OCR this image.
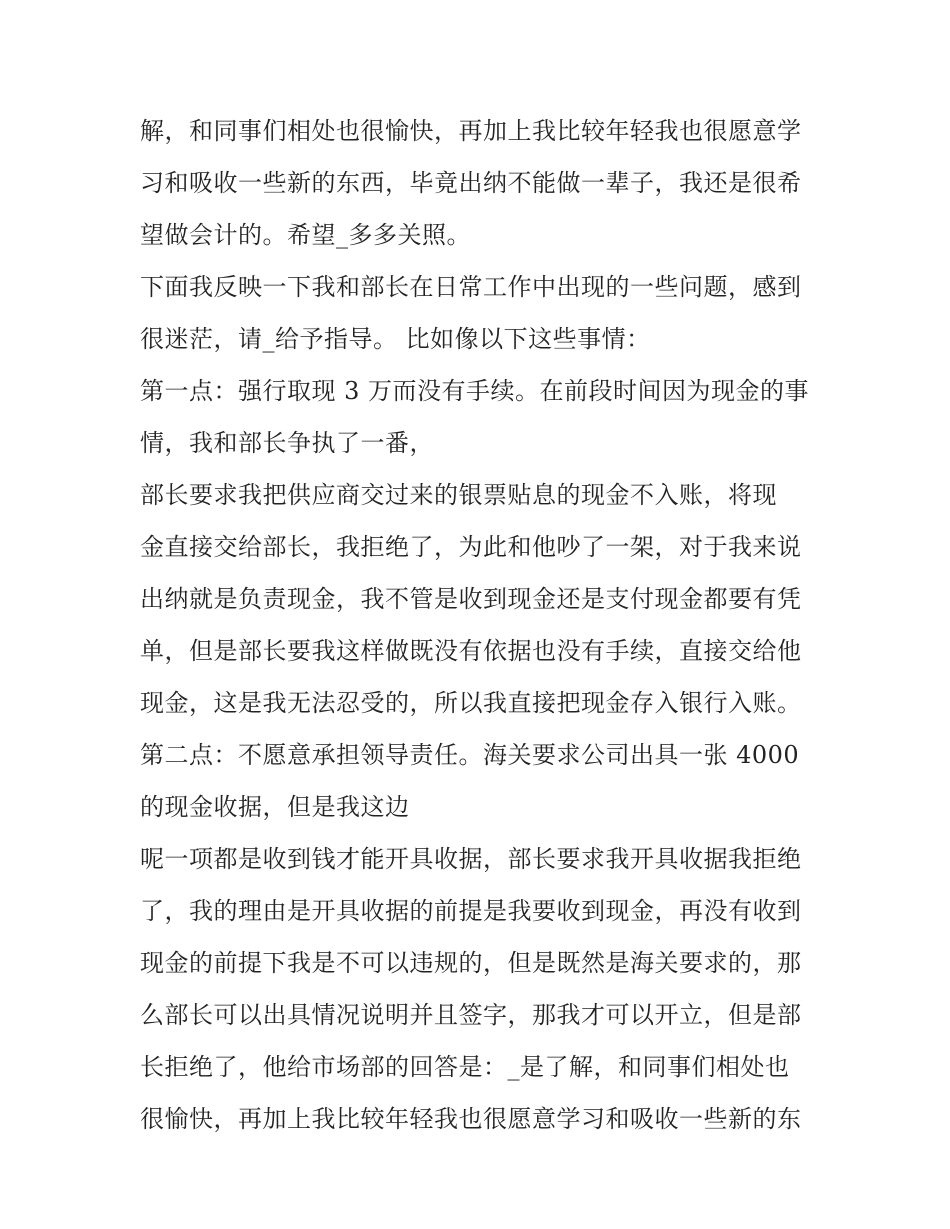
解，和同事们相处也很愉快，再加上我比较年轻我也很愿意学
习和吸收一些新的东西，毕竟出纳不能做一辈子，我还是很希
望做会计的。希望_多多关照。
下面我反映一下我和部长在日常工作中出现的一些问题，感到
很迷茫，请_给予指导。 比如像以下这些事情：
第一点：强行取现 3 万而没有手续。在前段时间因为现金的事
情，我和部长争执了一番，
部长要求我把供应商交过来的银票贴息的现金不入账，将现
金直接交给部长，我拒绝了，为此和他吵了一架，对于我来说
出纳就是负责现金，我不管是收到现金还是支付现金都要有凭
单，但是部长要我这样做既没有依据也没有手续，直接交给他
现金，这是我无法忍受的，所以我直接把现金存入银行入账。
第二点：不愿意承担领导责任。海关要求公司出具一张 4000
的现金收据，但是我这边
呢一项都是收到钱才能开具收据，部长要求我开具收据我拒绝
了，我的理由是开具收据的前提是我要收到现金，再没有收到
现金的前提下我是不可以违规的，但是既然是海关要求的，那
么部长可以出具情况说明并且签字，那我才可以开立，但是部
长拒绝了，他给市场部的回答是：_是了解，和同事们相处也
很愉快，再加上我比较年轻我也很愿意学习和吸收一些新的东
